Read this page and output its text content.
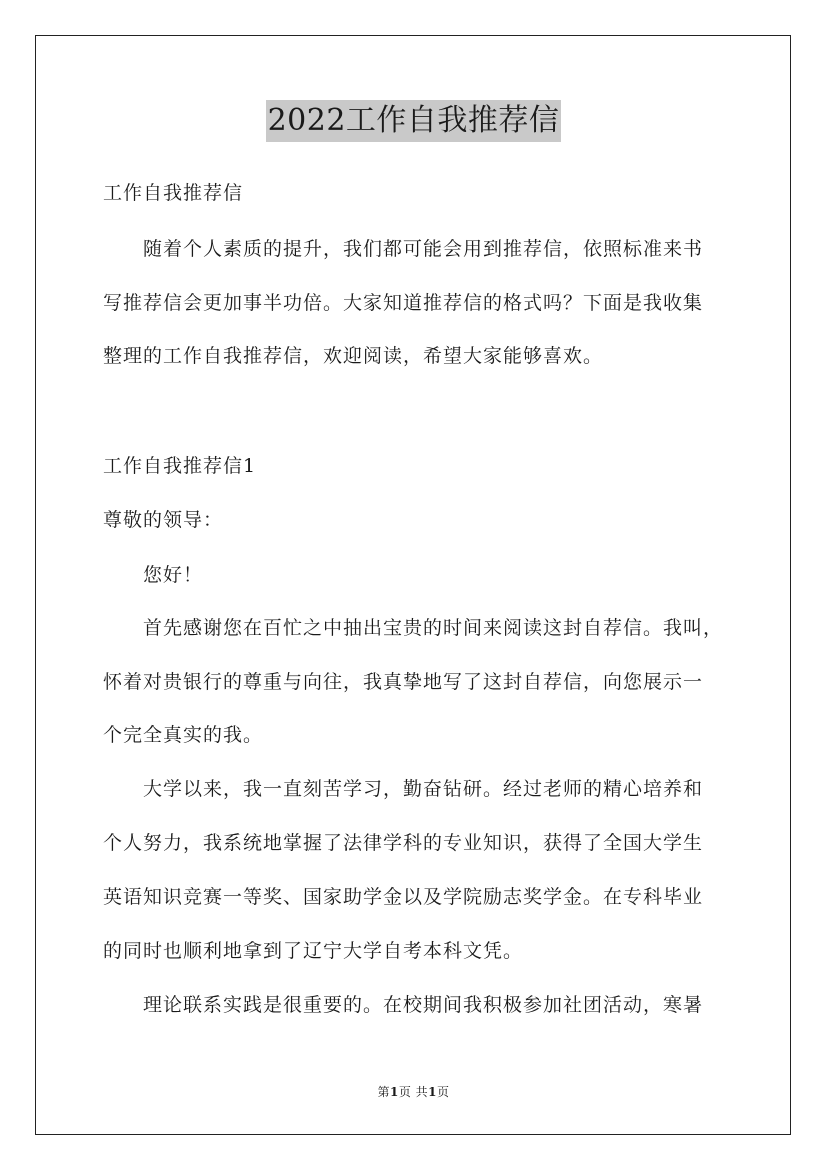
2022工作自我推荐信
工作自我推荐信
随着个人素质的提升，我们都可能会用到推荐信，依照标准来书
写推荐信会更加事半功倍。大家知道推荐信的格式吗？下面是我收集
整理的工作自我推荐信，欢迎阅读，希望大家能够喜欢。
工作自我推荐信1
尊敬的领导：
您好！
首先感谢您在百忙之中抽出宝贵的时间来阅读这封自荐信。我叫，
怀着对贵银行的尊重与向往，我真挚地写了这封自荐信，向您展示一
个完全真实的我。
大学以来，我一直刻苦学习，勤奋钻研。经过老师的精心培养和
个人努力，我系统地掌握了法律学科的专业知识，获得了全国大学生
英语知识竞赛一等奖、国家助学金以及学院励志奖学金。在专科毕业
的同时也顺利地拿到了辽宁大学自考本科文凭。
理论联系实践是很重要的。在校期间我积极参加社团活动，寒暑
第1页 共1页
